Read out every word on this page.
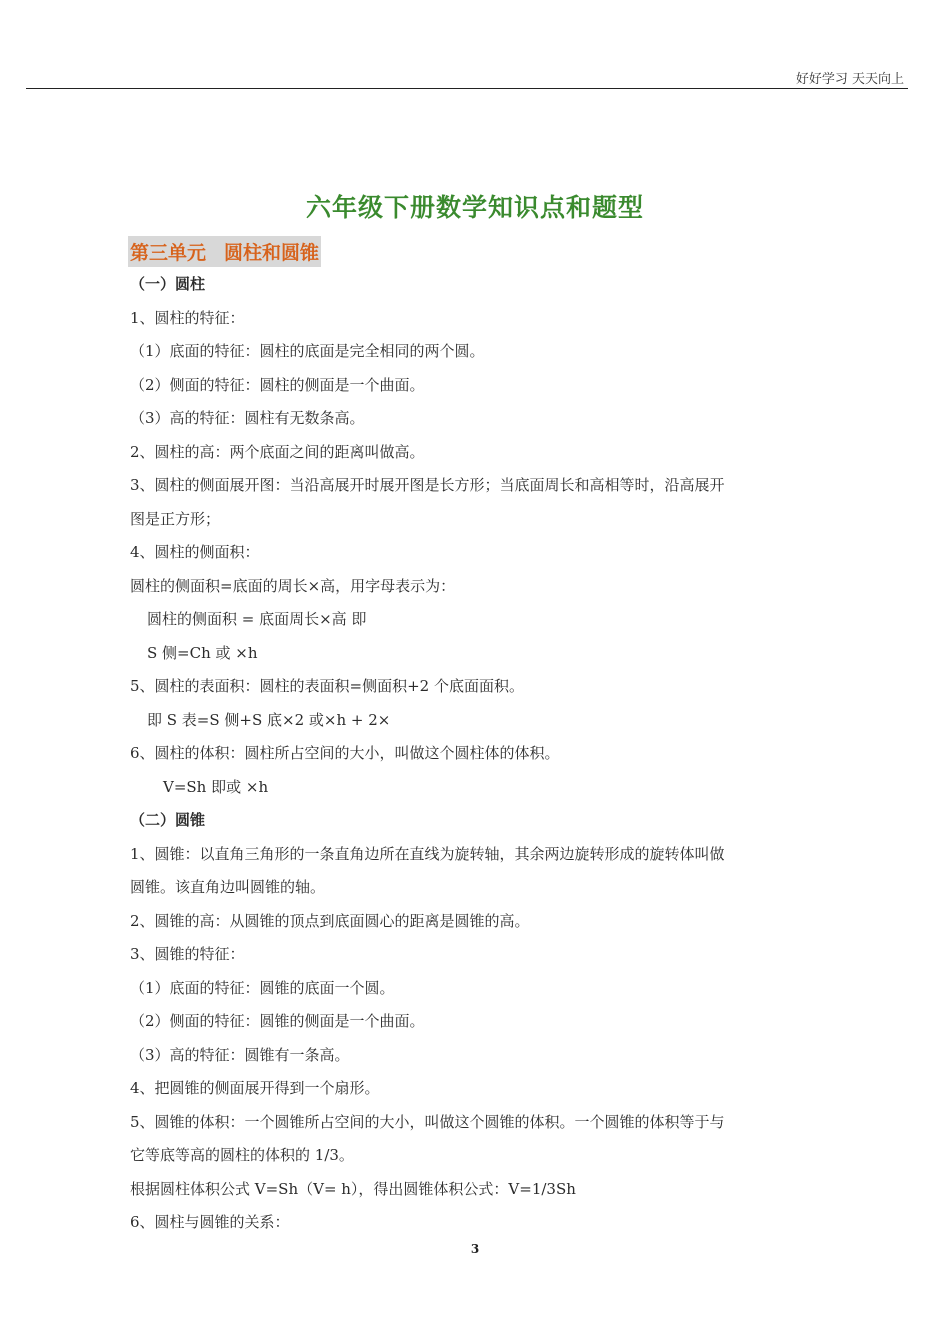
好好学习 天天向上
六年级下册数学知识点和题型
第三单元 圆柱和圆锥
（一）圆柱
1、圆柱的特征：
（1）底面的特征：圆柱的底面是完全相同的两个圆。
（2）侧面的特征：圆柱的侧面是一个曲面。
（3）高的特征：圆柱有无数条高。
2、圆柱的高：两个底面之间的距离叫做高。
3、圆柱的侧面展开图：当沿高展开时展开图是长方形；当底面周长和高相等时，沿高展开
图是正方形；
4、圆柱的侧面积：
圆柱的侧面积=底面的周长×高，用字母表示为：
圆柱的侧面积 = 底面周长×高 即
S 侧=Ch 或 ×h
5、圆柱的表面积：圆柱的表面积=侧面积+2 个底面面积。
即 S 表=S 侧+S 底×2 或×h + 2×
6、圆柱的体积：圆柱所占空间的大小，叫做这个圆柱体的体积。
V=Sh 即或 ×h
（二）圆锥
1、圆锥：以直角三角形的一条直角边所在直线为旋转轴，其余两边旋转形成的旋转体叫做
圆锥。该直角边叫圆锥的轴。
2、圆锥的高：从圆锥的顶点到底面圆心的距离是圆锥的高。
3、圆锥的特征：
（1）底面的特征：圆锥的底面一个圆。
（2）侧面的特征：圆锥的侧面是一个曲面。
（3）高的特征：圆锥有一条高。
4、把圆锥的侧面展开得到一个扇形。
5、圆锥的体积：一个圆锥所占空间的大小，叫做这个圆锥的体积。一个圆锥的体积等于与
它等底等高的圆柱的体积的 1/3。
根据圆柱体积公式 V=Sh（V= h），得出圆锥体积公式：V=1/3Sh
6、圆柱与圆锥的关系：
3
